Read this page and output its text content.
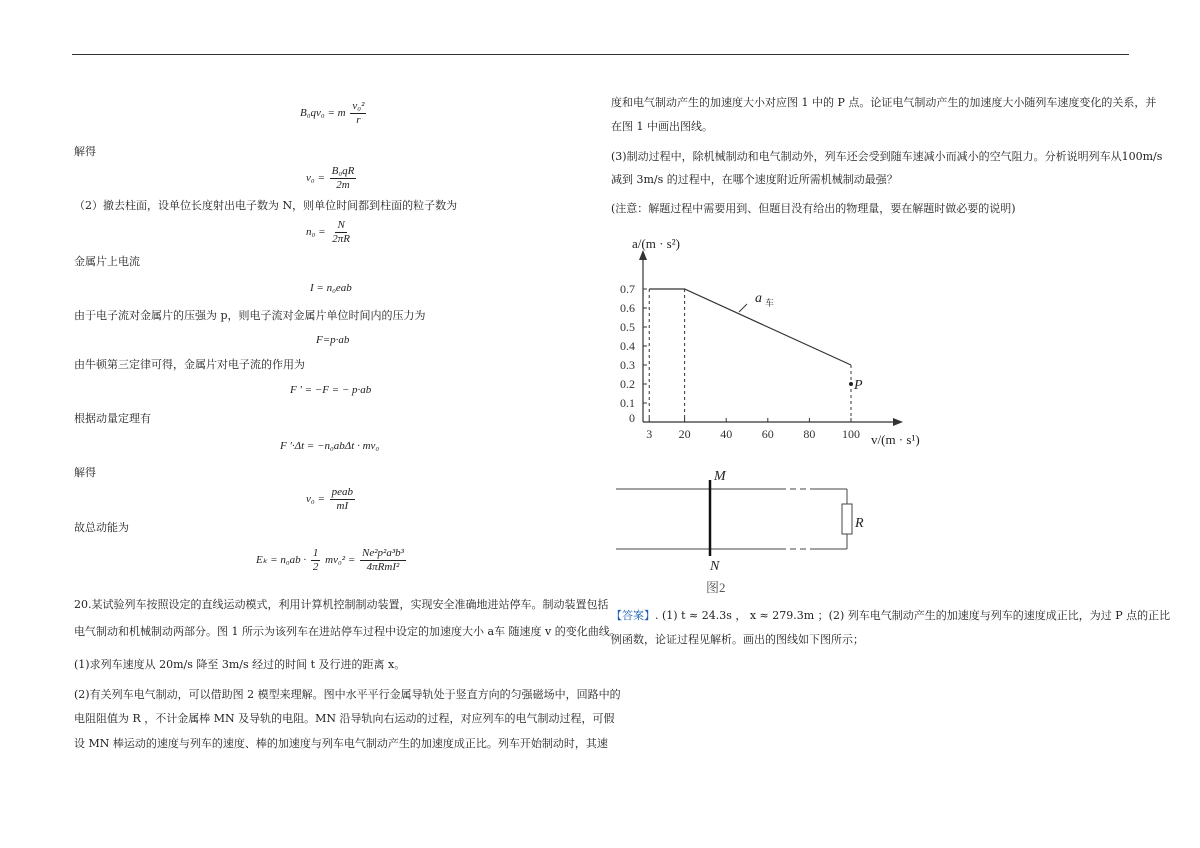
B₀qv₀ = m $\frac{\text{v₀²}}{r}$
解得
$v_0 = \frac{\text{B₀qR}}{2m}$
（2）撤去柱面，设单位长度射出电子数为 N，则单位时间都到柱面的粒子数为
$n_0 = \frac{N}{2\pi R}$
金属片上电流
I = n₀eab
由于电子流对金属片的压强为 p，则电子流对金属片单位时间内的压力为
F=p·ab
由牛顿第三定律可得，金属片对电子流的作用为
F ′ = −F = − p·ab
根据动量定理有
F ′·Δt = −n₀abΔt · mv₀
解得
$v_0 = \frac{\text{peab}}{mI}$
故总动能为
$E_k = n_0ab \cdot \frac{1}{2} mv_0^2 = \frac{\text{Ne²p²a³b³}}{\text{4πRmI²}}$
20.某试验列车按照设定的直线运动模式，利用计算机控制制动装置，实现安全准确地进站停车。制动装置包括
电气制动和机械制动两部分。图 1 所示为该列车在进站停车过程中设定的加速度大小 a车 随速度 v 的变化曲线。
(1)求列车速度从 20m/s 降至 3m/s 经过的时间 t 及行进的距离 x。
(2)有关列车电气制动，可以借助图 2 模型来理解。图中水平平行金属导轨处于竖直方向的匀强磁场中，回路中的
电阻阻值为 R ，不计金属棒 MN 及导轨的电阻。MN 沿导轨向右运动的过程，对应列车的电气制动过程，可假
设 MN 棒运动的速度与列车的速度、棒的加速度与列车电气制动产生的加速度成正比。列车开始制动时，其速
度和电气制动产生的加速度大小对应图 1 中的 P 点。论证电气制动产生的加速度大小随列车速度变化的关系，并
在图 1 中画出图线。
(3)制动过程中，除机械制动和电气制动外，列车还会受到随车速减小而减小的空气阻力。分析说明列车从100m/s
减到 3m/s 的过程中，在哪个速度附近所需机械制动最强？
(注意：解题过程中需要用到、但题目没有给出的物理量，要在解题时做必要的说明)
a/(m · s²)
v/(m · s¹)
0
0.1
0.2
0.3
0.4
0.5
0.6
0.7
3 20 40 60 80 100
a 车
P
M
N
R
图2
【答案】. (1) t ≈ 24.3s ， x ≈ 279.3m ；(2) 列车电气制动产生的加速度与列车的速度成正比，为过 P 点的正比
例函数，论证过程见解析。画出的图线如下图所示；
